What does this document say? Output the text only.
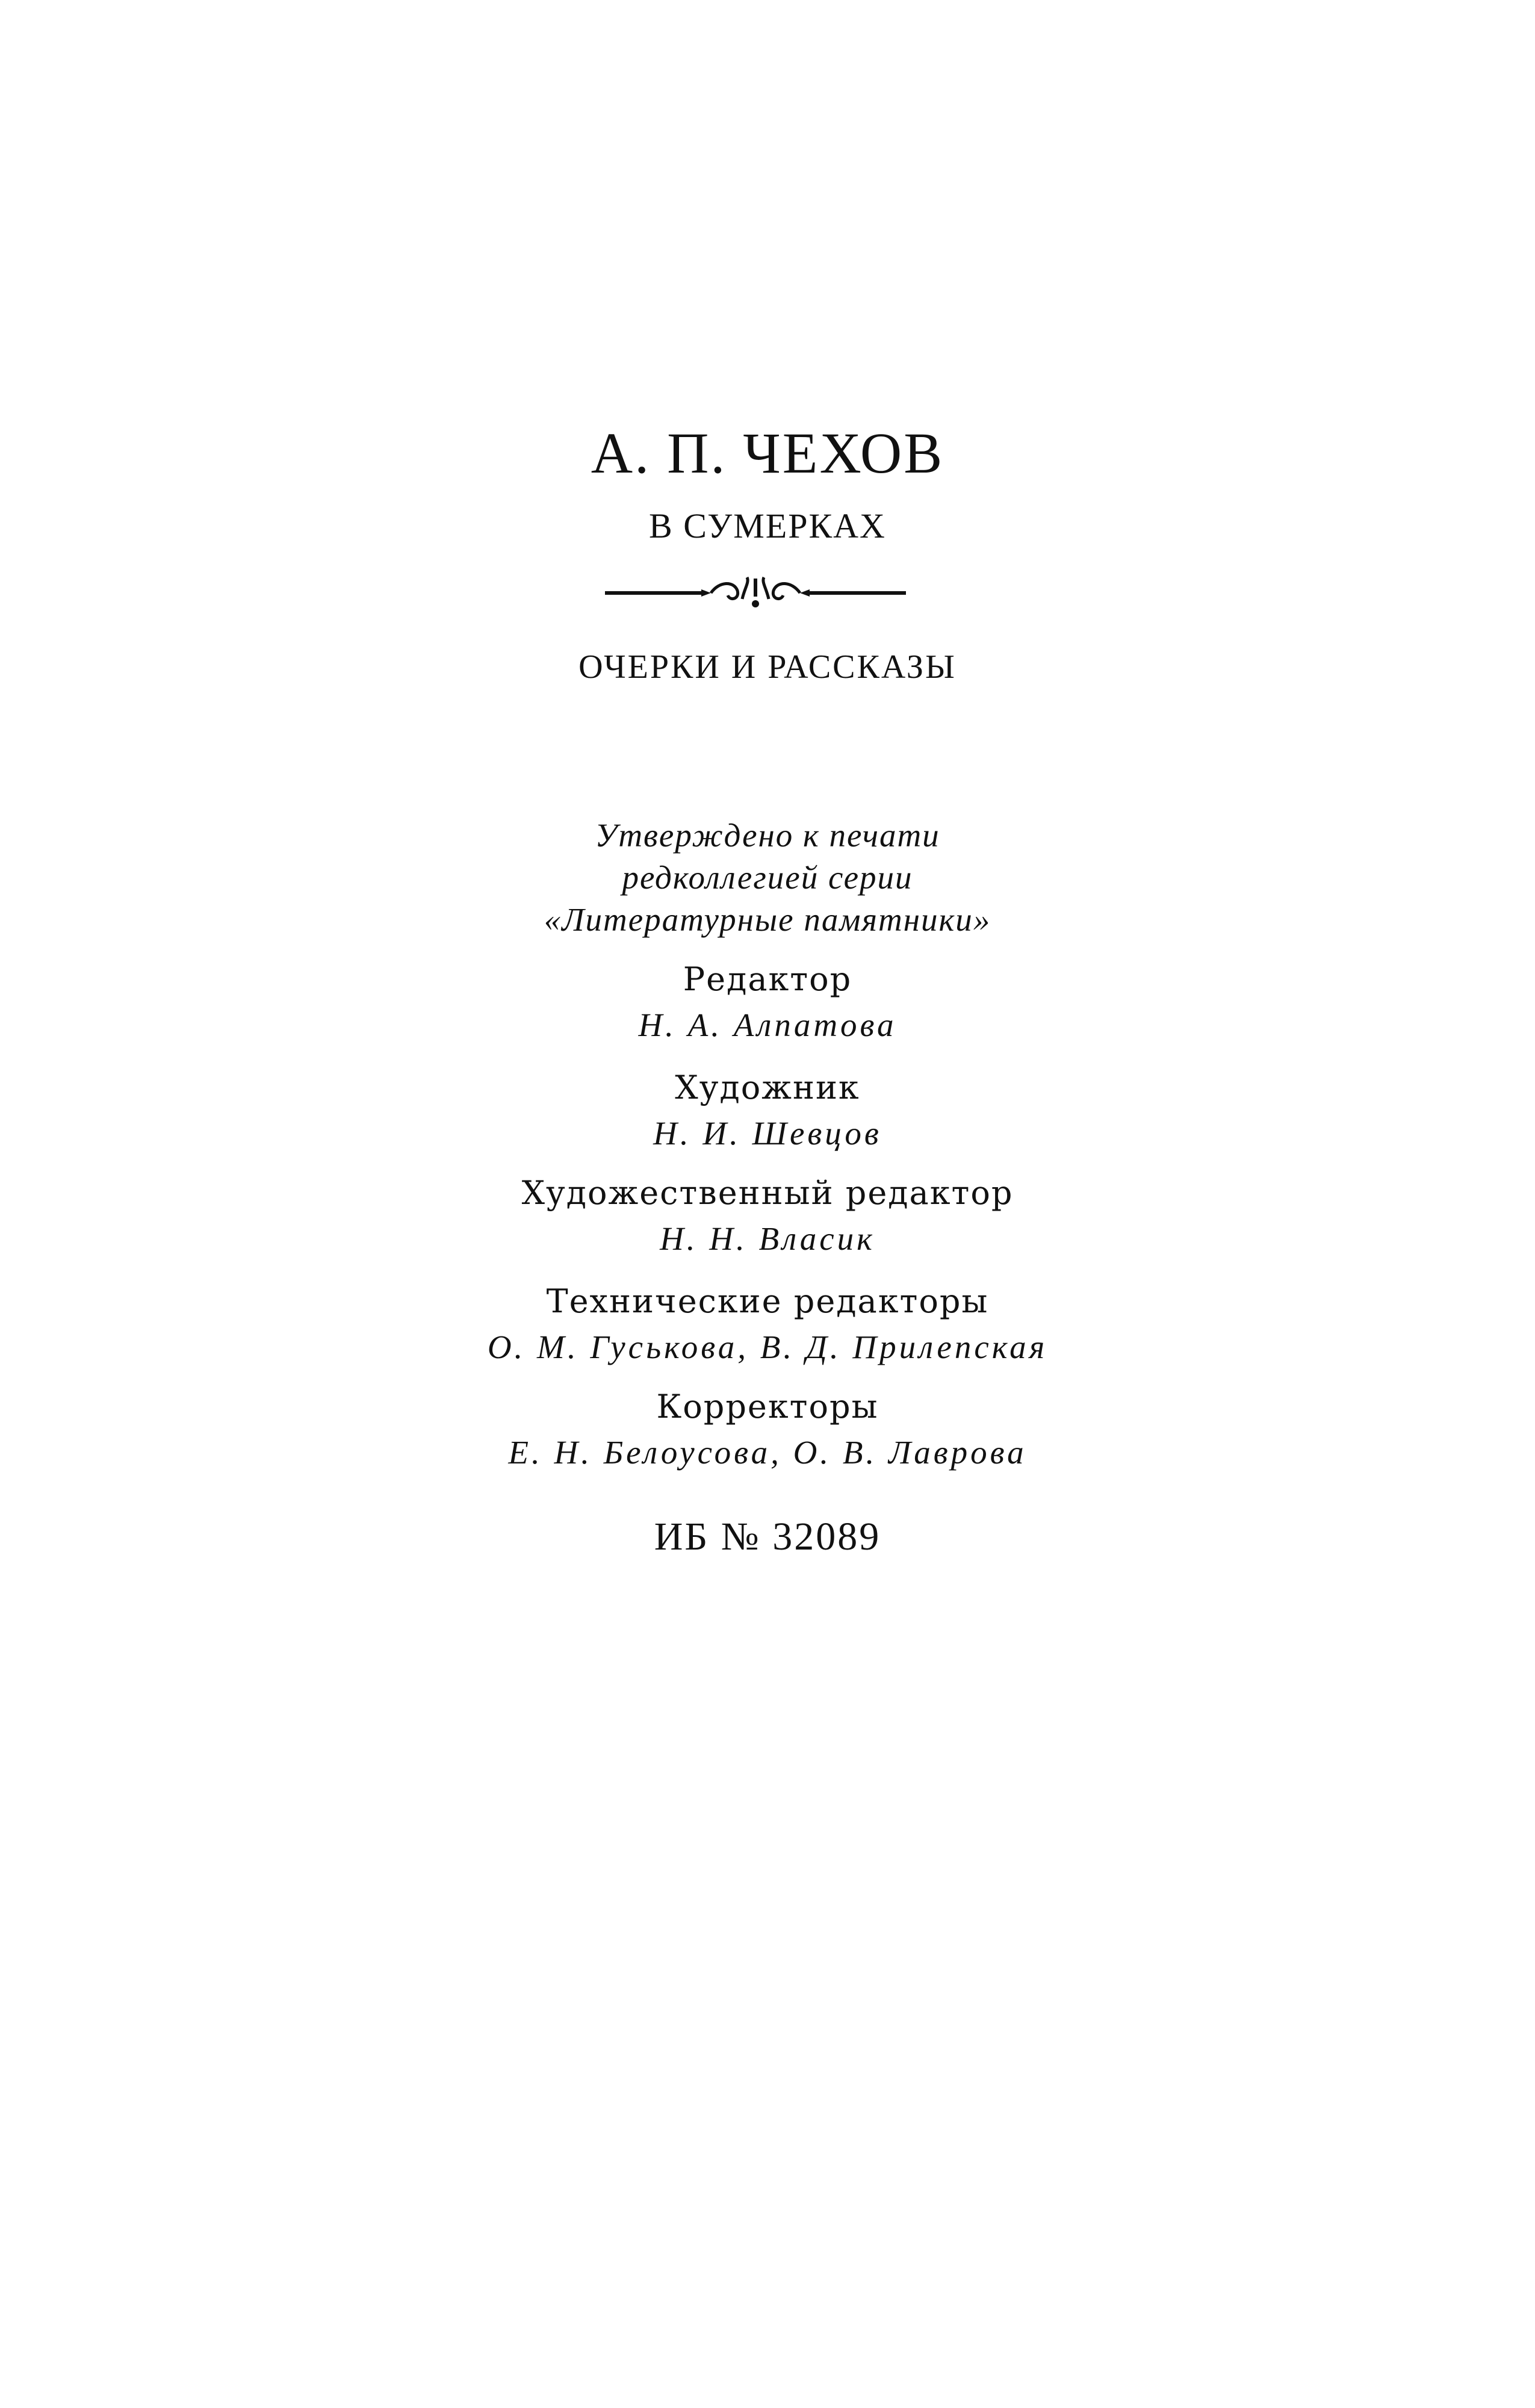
А. П. ЧЕХОВ
В СУМЕРКАХ
ОЧЕРКИ И РАССКАЗЫ
Утверждено к печати
редколлегией серии
«Литературные памятники»
Редактор
Н. А. Алпатова
Художник
Н. И. Шевцов
Художественный редактор
Н. Н. Власик
Технические редакторы
О. М. Гуськова, В. Д. Прилепская
Корректоры
Е. Н. Белоусова, О. В. Лаврова
ИБ № 32089
